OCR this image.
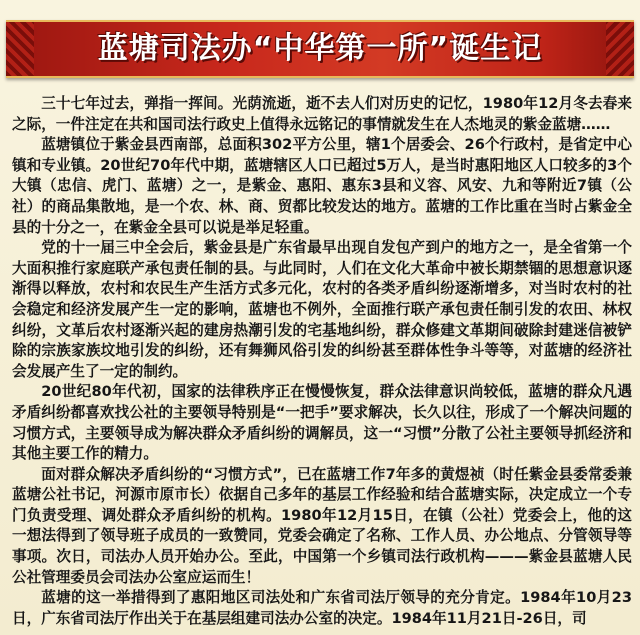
蓝塘司法办“中华第一所”诞生记

三十七年过去，弹指一挥间。光荫流逝，逝不去人们对历史的记忆，1980年12月冬去春来之际，一件注定在共和国司法行政史上值得永远铭记的事情就发生在人杰地灵的紫金蓝塘……

蓝塘镇位于紫金县西南部，总面积302平方公里，辖1个居委会、26个行政村，是省定中心镇和专业镇。20世纪70年代中期，蓝塘辖区人口已超过5万人，是当时惠阳地区人口较多的3个大镇（忠信、虎门、蓝塘）之一，是紫金、惠阳、惠东3县和义容、风安、九和等附近7镇（公社）的商品集散地，是一个农、林、商、贸都比较发达的地方。蓝塘的工作比重在当时占紫金全县的十分之一，在紫金全县可以说是举足轻重。

党的十一届三中全会后，紫金县是广东省最早出现自发包产到户的地方之一，是全省第一个大面积推行家庭联产承包责任制的县。与此同时，人们在文化大革命中被长期禁锢的思想意识逐渐得以释放，农村和农民生产生活方式多元化，农村的各类矛盾纠纷逐渐增多，对当时农村的社会稳定和经济发展产生一定的影响，蓝塘也不例外，全面推行联产承包责任制引发的农田、林权纠纷，文革后农村逐渐兴起的建房热潮引发的宅基地纠纷，群众修建文革期间破除封建迷信被铲除的宗族家族坟地引发的纠纷，还有舞狮风俗引发的纠纷甚至群体性争斗等等，对蓝塘的经济社会发展产生了一定的制约。

20世纪80年代初，国家的法律秩序正在慢慢恢复，群众法律意识尚较低，蓝塘的群众凡遇矛盾纠纷都喜欢找公社的主要领导特别是“一把手”要求解决，长久以往，形成了一个解决问题的习惯方式，主要领导成为解决群众矛盾纠纷的调解员，这一“习惯”分散了公社主要领导抓经济和其他主要工作的精力。

面对群众解决矛盾纠纷的“习惯方式”，已在蓝塘工作7年多的黄煜祯（时任紫金县委常委兼蓝塘公社书记，河源市原市长）依据自己多年的基层工作经验和结合蓝塘实际，决定成立一个专门负责受理、调处群众矛盾纠纷的机构。1980年12月15日，在镇（公社）党委会上，他的这一想法得到了领导班子成员的一致赞同，党委会确定了名称、工作人员、办公地点、分管领导等事项。次日，司法办人员开始办公。至此，中国第一个乡镇司法行政机构———紫金县蓝塘人民公社管理委员会司法办公室应运而生！

蓝塘的这一举措得到了惠阳地区司法处和广东省司法厅领导的充分肯定。1984年10月23日，广东省司法厅作出关于在基层组建司法办公室的决定。1984年11月21日-26日，司
